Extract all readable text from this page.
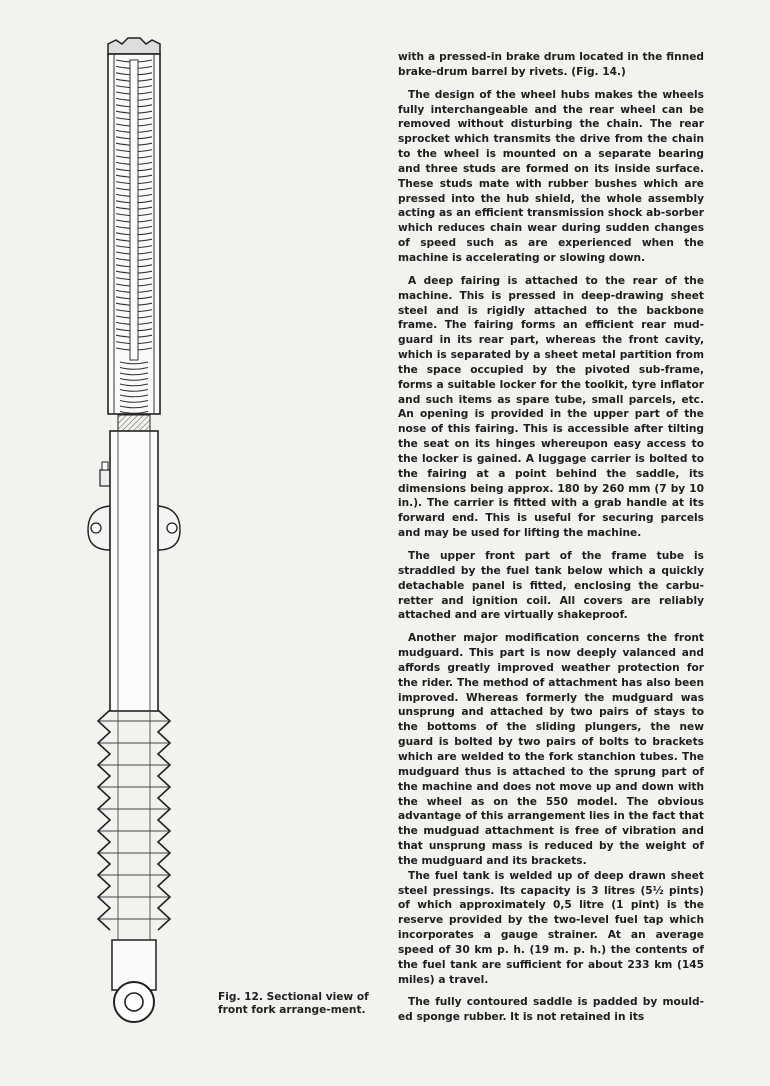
Fig. 12. Sectional view of front fork arrange-ment.

with a pressed-in brake drum located in the finned brake-drum barrel by rivets. (Fig. 14.)

The design of the wheel hubs makes the wheels fully interchangeable and the rear wheel can be removed without disturbing the chain. The rear sprocket which transmits the drive from the chain to the wheel is mounted on a separate bearing and three studs are formed on its inside surface. These studs mate with rubber bushes which are pressed into the hub shield, the whole assembly acting as an efficient transmission shock ab-sorber which reduces chain wear during sudden changes of speed such as are experienced when the machine is accelerating or slowing down.

A deep fairing is attached to the rear of the machine. This is pressed in deep-drawing sheet steel and is rigidly attached to the backbone frame. The fairing forms an efficient rear mud-guard in its rear part, whereas the front cavity, which is separated by a sheet metal partition from the space occupied by the pivoted sub-frame, forms a suitable locker for the toolkit, tyre inflator and such items as spare tube, small parcels, etc. An opening is provided in the upper part of the nose of this fairing. This is accessible after tilting the seat on its hinges whereupon easy access to the locker is gained. A luggage carrier is bolted to the fairing at a point behind the saddle, its dimensions being approx. 180 by 260 mm (7 by 10 in.). The carrier is fitted with a grab handle at its forward end. This is useful for securing parcels and may be used for lifting the machine.

The upper front part of the frame tube is straddled by the fuel tank below which a quickly detachable panel is fitted, enclosing the carbu-retter and ignition coil. All covers are reliably attached and are virtually shakeproof.

Another major modification concerns the front mudguard. This part is now deeply valanced and affords greatly improved weather protection for the rider. The method of attachment has also been improved. Whereas formerly the mudguard was unsprung and attached by two pairs of stays to the bottoms of the sliding plungers, the new guard is bolted by two pairs of bolts to brackets which are welded to the fork stanchion tubes. The mudguard thus is attached to the sprung part of the machine and does not move up and down with the wheel as on the 550 model. The obvious advantage of this arrangement lies in the fact that the mudguad attachment is free of vibration and that unsprung mass is reduced by the weight of the mudguard and its brackets.

The fuel tank is welded up of deep drawn sheet steel pressings. Its capacity is 3 litres (5½ pints) of which approximately 0,5 litre (1 pint) is the reserve provided by the two-level fuel tap which incorporates a gauge strainer. At an average speed of 30 km p. h. (19 m. p. h.) the contents of the fuel tank are sufficient for about 233 km (145 miles) a travel.

The fully contoured saddle is padded by mould-ed sponge rubber. It is not retained in its
